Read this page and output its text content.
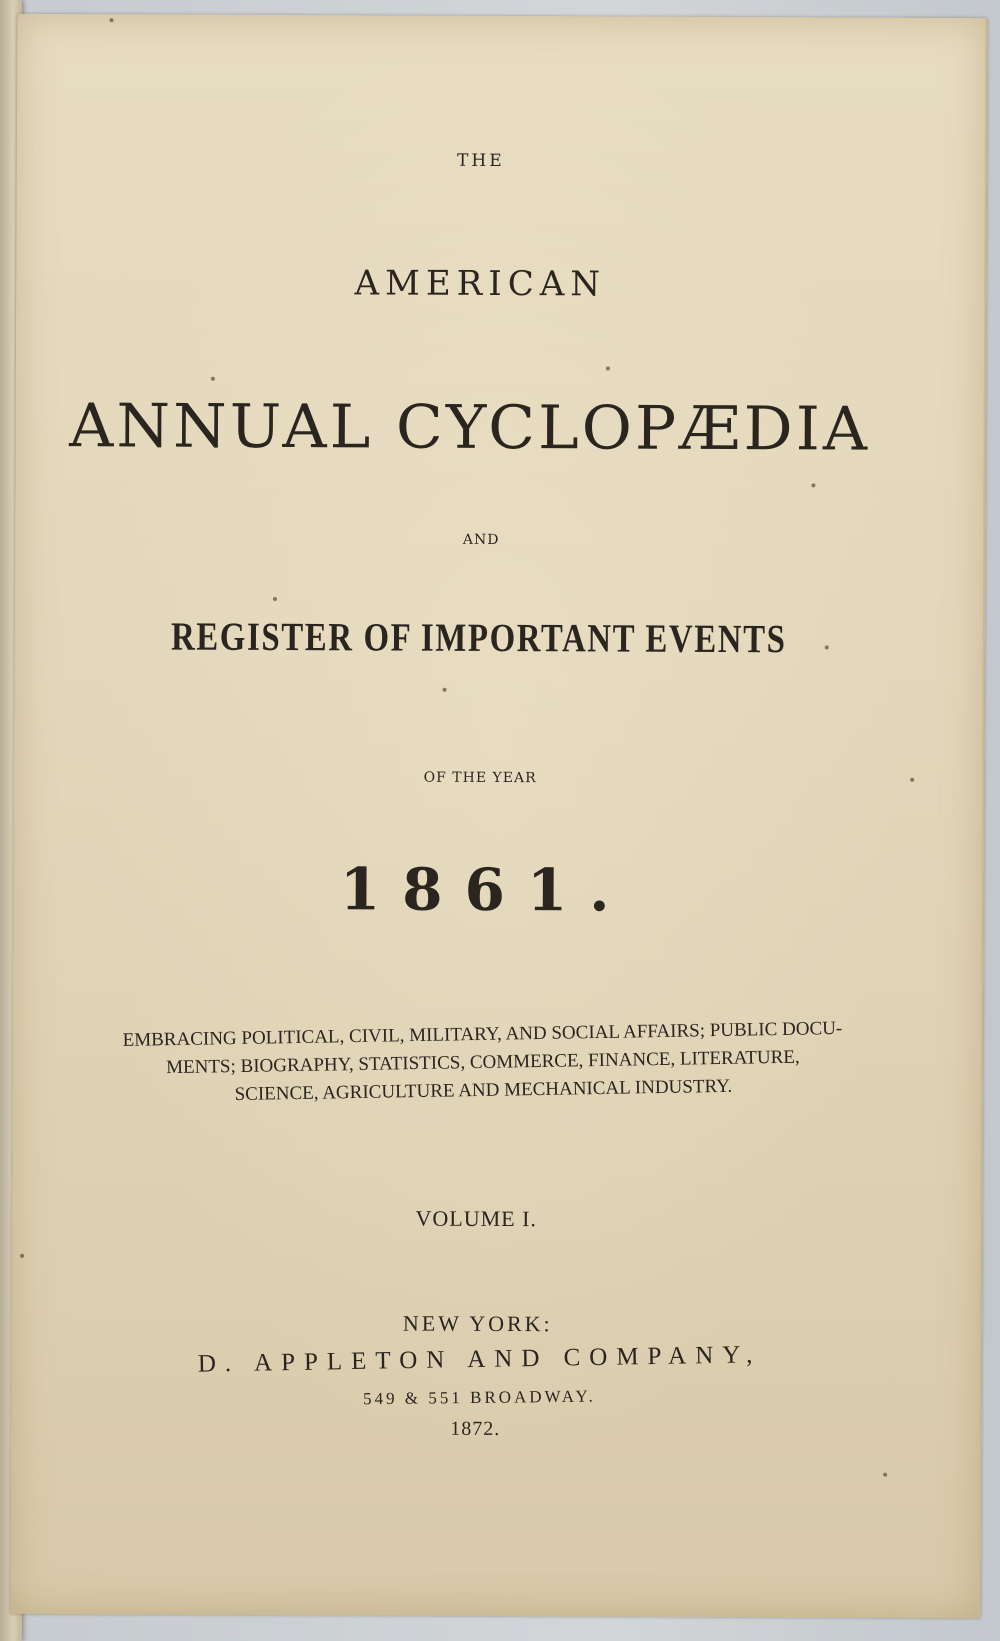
THE
AMERICAN
ANNUAL CYCLOPÆDIA
AND
REGISTER OF IMPORTANT EVENTS
OF THE YEAR
1861.
EMBRACING POLITICAL, CIVIL, MILITARY, AND SOCIAL AFFAIRS; PUBLIC DOCU-
MENTS; BIOGRAPHY, STATISTICS, COMMERCE, FINANCE, LITERATURE,
SCIENCE, AGRICULTURE AND MECHANICAL INDUSTRY.
VOLUME I.
NEW YORK:
D. APPLETON AND COMPANY,
549 & 551 BROADWAY.
1872.
